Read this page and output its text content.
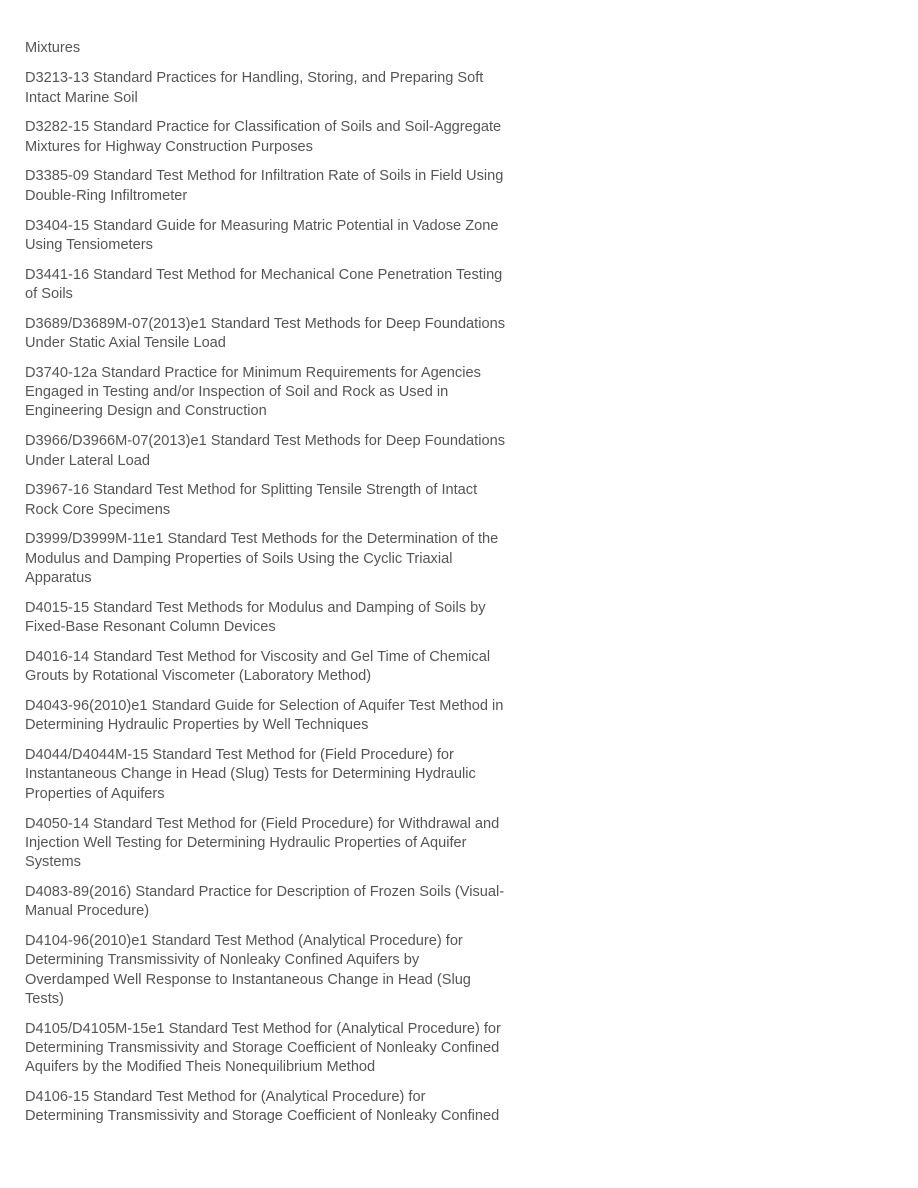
Mixtures

D3213-13 Standard Practices for Handling, Storing, and Preparing Soft Intact Marine Soil

D3282-15 Standard Practice for Classification of Soils and Soil-Aggregate Mixtures for Highway Construction Purposes

D3385-09 Standard Test Method for Infiltration Rate of Soils in Field Using Double-Ring Infiltrometer

D3404-15 Standard Guide for Measuring Matric Potential in Vadose Zone Using Tensiometers

D3441-16 Standard Test Method for Mechanical Cone Penetration Testing of Soils

D3689/D3689M-07(2013)e1 Standard Test Methods for Deep Foundations Under Static Axial Tensile Load

D3740-12a Standard Practice for Minimum Requirements for Agencies Engaged in Testing and/or Inspection of Soil and Rock as Used in Engineering Design and Construction

D3966/D3966M-07(2013)e1 Standard Test Methods for Deep Foundations Under Lateral Load

D3967-16 Standard Test Method for Splitting Tensile Strength of Intact Rock Core Specimens

D3999/D3999M-11e1 Standard Test Methods for the Determination of the Modulus and Damping Properties of Soils Using the Cyclic Triaxial Apparatus

D4015-15 Standard Test Methods for Modulus and Damping of Soils by Fixed-Base Resonant Column Devices

D4016-14 Standard Test Method for Viscosity and Gel Time of Chemical Grouts by Rotational Viscometer (Laboratory Method)

D4043-96(2010)e1 Standard Guide for Selection of Aquifer Test Method in Determining Hydraulic Properties by Well Techniques

D4044/D4044M-15 Standard Test Method for (Field Procedure) for Instantaneous Change in Head (Slug) Tests for Determining Hydraulic Properties of Aquifers

D4050-14 Standard Test Method for (Field Procedure) for Withdrawal and Injection Well Testing for Determining Hydraulic Properties of Aquifer Systems

D4083-89(2016) Standard Practice for Description of Frozen Soils (Visual-Manual Procedure)

D4104-96(2010)e1 Standard Test Method (Analytical Procedure) for Determining Transmissivity of Nonleaky Confined Aquifers by Overdamped Well Response to Instantaneous Change in Head (Slug Tests)

D4105/D4105M-15e1 Standard Test Method for (Analytical Procedure) for Determining Transmissivity and Storage Coefficient of Nonleaky Confined Aquifers by the Modified Theis Nonequilibrium Method

D4106-15 Standard Test Method for (Analytical Procedure) for Determining Transmissivity and Storage Coefficient of Nonleaky Confined
